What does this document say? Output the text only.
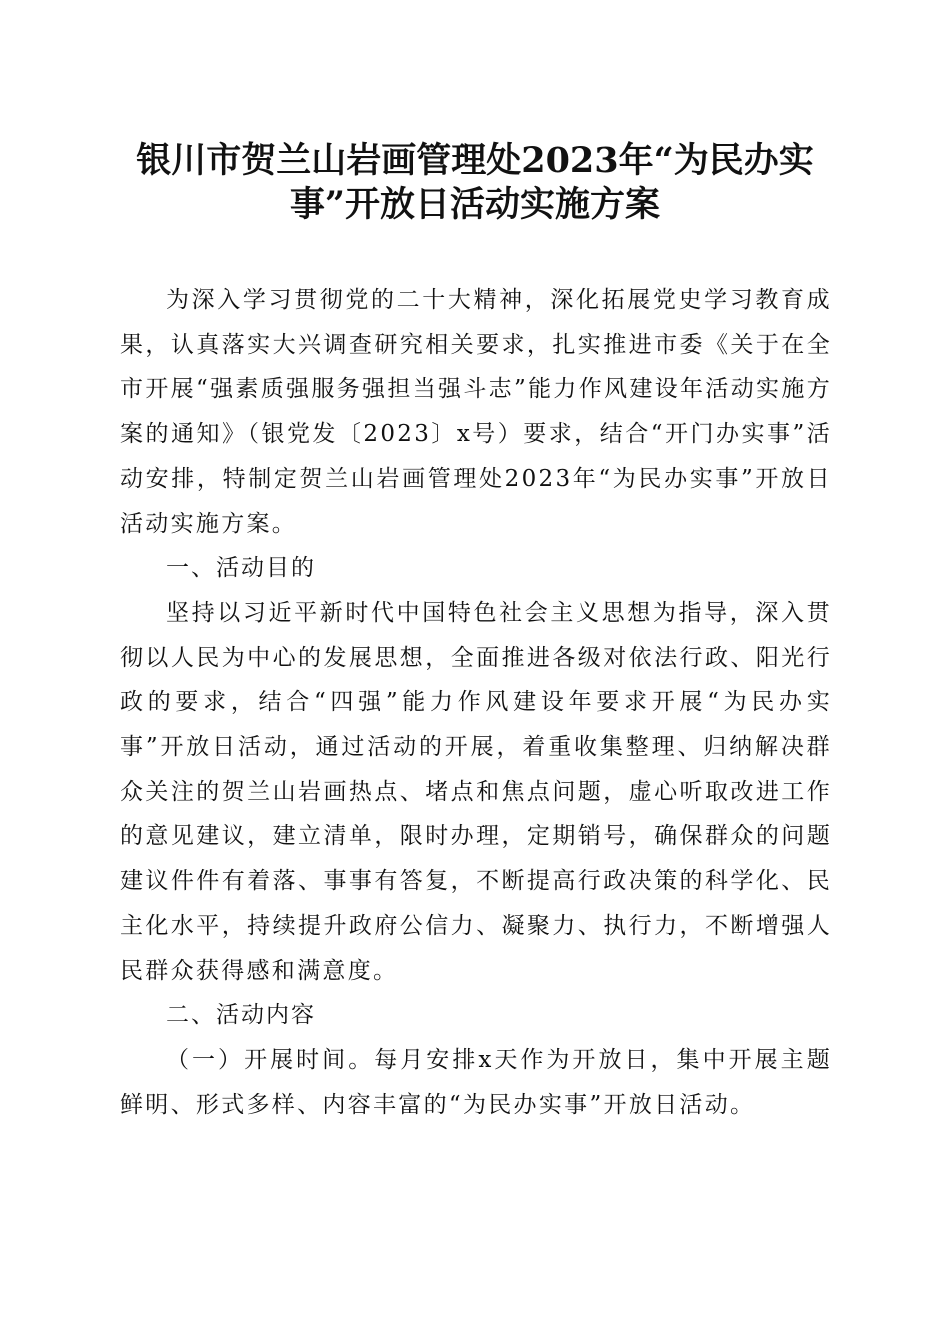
银川市贺兰山岩画管理处2023年“为民办实
事”开放日活动实施方案

为深入学习贯彻党的二十大精神，深化拓展党史学习教育成果，认真落实大兴调查研究相关要求，扎实推进市委《关于在全市开展“强素质强服务强担当强斗志”能力作风建设年活动实施方案的通知》（银党发〔2023〕x号）要求，结合“开门办实事”活动安排，特制定贺兰山岩画管理处2023年“为民办实事”开放日活动实施方案。

一、活动目的

坚持以习近平新时代中国特色社会主义思想为指导，深入贯彻以人民为中心的发展思想，全面推进各级对依法行政、阳光行政的要求，结合“四强”能力作风建设年要求开展“为民办实事”开放日活动，通过活动的开展，着重收集整理、归纳解决群众关注的贺兰山岩画热点、堵点和焦点问题，虚心听取改进工作的意见建议，建立清单，限时办理，定期销号，确保群众的问题建议件件有着落、事事有答复，不断提高行政决策的科学化、民主化水平，持续提升政府公信力、凝聚力、执行力，不断增强人民群众获得感和满意度。

二、活动内容

（一）开展时间。每月安排x天作为开放日，集中开展主题鲜明、形式多样、内容丰富的“为民办实事”开放日活动。
